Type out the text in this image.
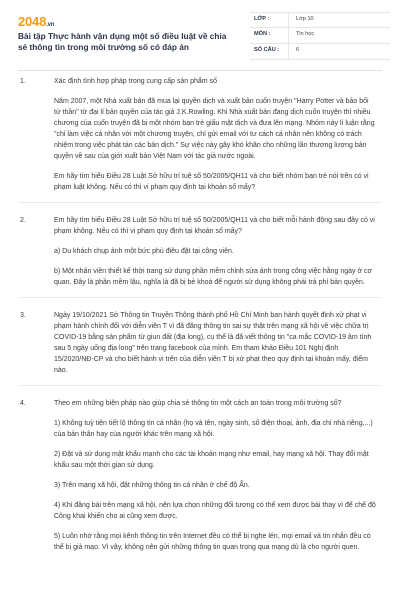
2048.vn
Bài tập Thực hành vận dụng một số điều luật về chia sẻ thông tin trong môi trường số có đáp án
LỚP :	Lớp 10
MÔN :	Tin học
SỐ CÂU :	6
1.	Xác định tình hợp pháp trong cung cấp sản phẩm số

Năm 2007, một Nhà xuất bản đã mua lại quyền dịch và xuất bản cuốn truyện "Harry Potter và bảo bối tử thần" từ đại lí bản quyền của tác giả J.K.Rowling. Khi Nhà xuất bản đang dịch cuốn truyện thì nhiều chương của cuốn truyện đã bị một nhóm bạn trẻ giấu mặt dịch và đưa lên mạng. Nhóm này lí luận rằng "chỉ làm việc cá nhân với một chương truyện, chỉ gửi email với tư cách cá nhân nên không có trách nhiệm trong việc phát tán các bản dịch." Sự việc này gây khó khăn cho những lần thương lượng bản quyền về sau của giới xuất bản Việt Nam với tác giả nước ngoài.

Em hãy tìm hiểu Điều 28 Luật Sở hữu trí tuệ số 50/2005/QH11 và cho biết nhóm bạn trẻ nói trên có vi phạm luật không. Nếu có thì vi phạm quy định tại khoản số mấy?

2.	Em hãy tìm hiểu Điều 28 Luật Sở hữu trí tuệ số 50/2005/QH11 và cho biết mỗi hành động sau đây có vi phạm không. Nếu có thì vi phạm quy định tại khoản số mấy?

a) Du khách chụp ảnh một bức phù điêu đặt tại công viên.

b) Một nhân viên thiết kế thời trang sử dụng phần mềm chỉnh sửa ảnh trong công việc hằng ngày ở cơ quan. Đây là phần mềm lậu, nghĩa là đã bị bẻ khoá để người sử dụng không phải trả phí bản quyền.

3.	Ngày 19/10/2021 Sở Thông tin Truyền Thông thành phố Hồ Chí Minh ban hành quyết định xử phạt vi phạm hành chính đối với diễn viên T vì đã đăng thông tin sai sự thật trên mạng xã hội về việc chữa trị COVID-19 bằng sản phẩm từ giun đất (địa long), cụ thể là đã viết thông tin "ca mắc COVID-19 âm tính sau 5 ngày uống địa long" trên trang facebook của mình. Em tham khảo Điều 101 Nghị định 15/2020/NĐ-CP và cho biết hành vi trên của diễn viên T bị xử phạt theo quy định tại khoản mấy, điểm nào.

4.	Theo em những biện pháp nào giúp chia sẻ thông tin một cách an toàn trong môi trường số?

1) Không tuỳ tiện tiết lộ thông tin cá nhân (họ và tên, ngày sinh, số điện thoại, ảnh, địa chỉ nhà riêng,...) của bản thân hay của người khác trên mạng xã hội.

2) Đặt và sử dụng mật khẩu mạnh cho các tài khoản mạng như email, hay mạng xã hội. Thay đổi mật khẩu sau một thời gian sử dụng.

3) Trên mạng xã hội, đặt những thông tin cá nhân ở chế độ Ẩn.

4) Khi đăng bài trên mạng xã hội, nên lựa chọn những đối tượng có thể xem được bài thay vì để chế độ Công khai khiến cho ai cũng xem được.

5) Luôn nhớ rằng mọi kênh thông tin trên Internet đều có thể bị nghe lén, mọi email và tin nhắn đều có thể bị giả mạo. Vì vậy, không nên gửi những thông tin quan trọng qua mạng dù là cho người quen.
